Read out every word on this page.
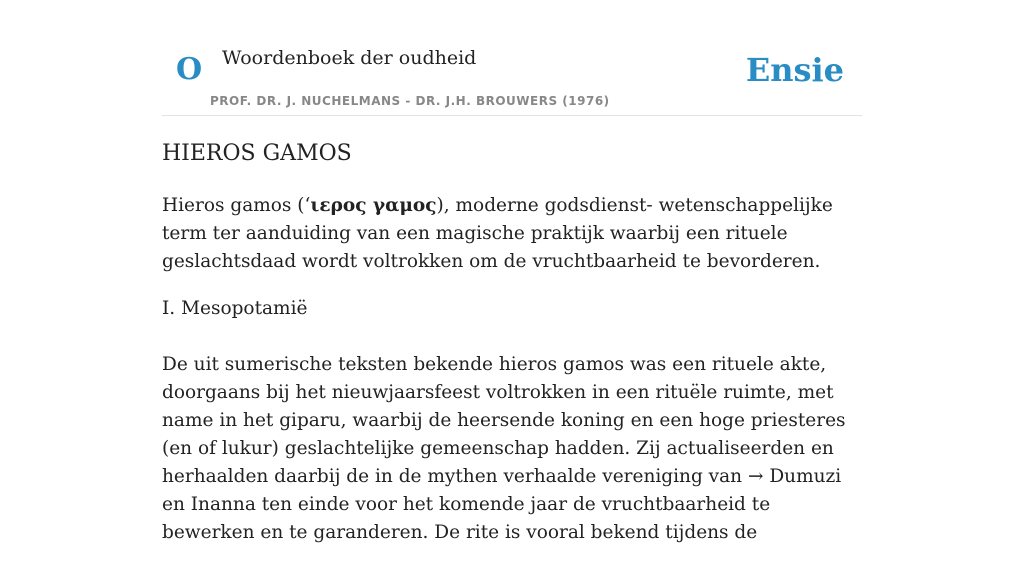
O Woordenboek der oudheid
PROF. DR. J. NUCHELMANS - DR. J.H. BROUWERS (1976)
Ensie
HIEROS GAMOS

Hieros gamos (‘ιερος γαμος), moderne godsdienst- wetenschappelijke term ter aanduiding van een magische praktijk waarbij een rituele geslachtsdaad wordt voltrokken om de vruchtbaarheid te bevorderen.

I. Mesopotamië

De uit sumerische teksten bekende hieros gamos was een rituele akte, doorgaans bij het nieuwjaarsfeest voltrokken in een rituële ruimte, met name in het giparu, waarbij de heersende koning en een hoge priesteres (en of lukur) geslachtelijke gemeenschap hadden. Zij actualiseerden en herhaalden daarbij de in de mythen verhaalde vereniging van → Dumuzi en Inanna ten einde voor het komende jaar de vruchtbaarheid te bewerken en te garanderen. De rite is vooral bekend tijdens de
